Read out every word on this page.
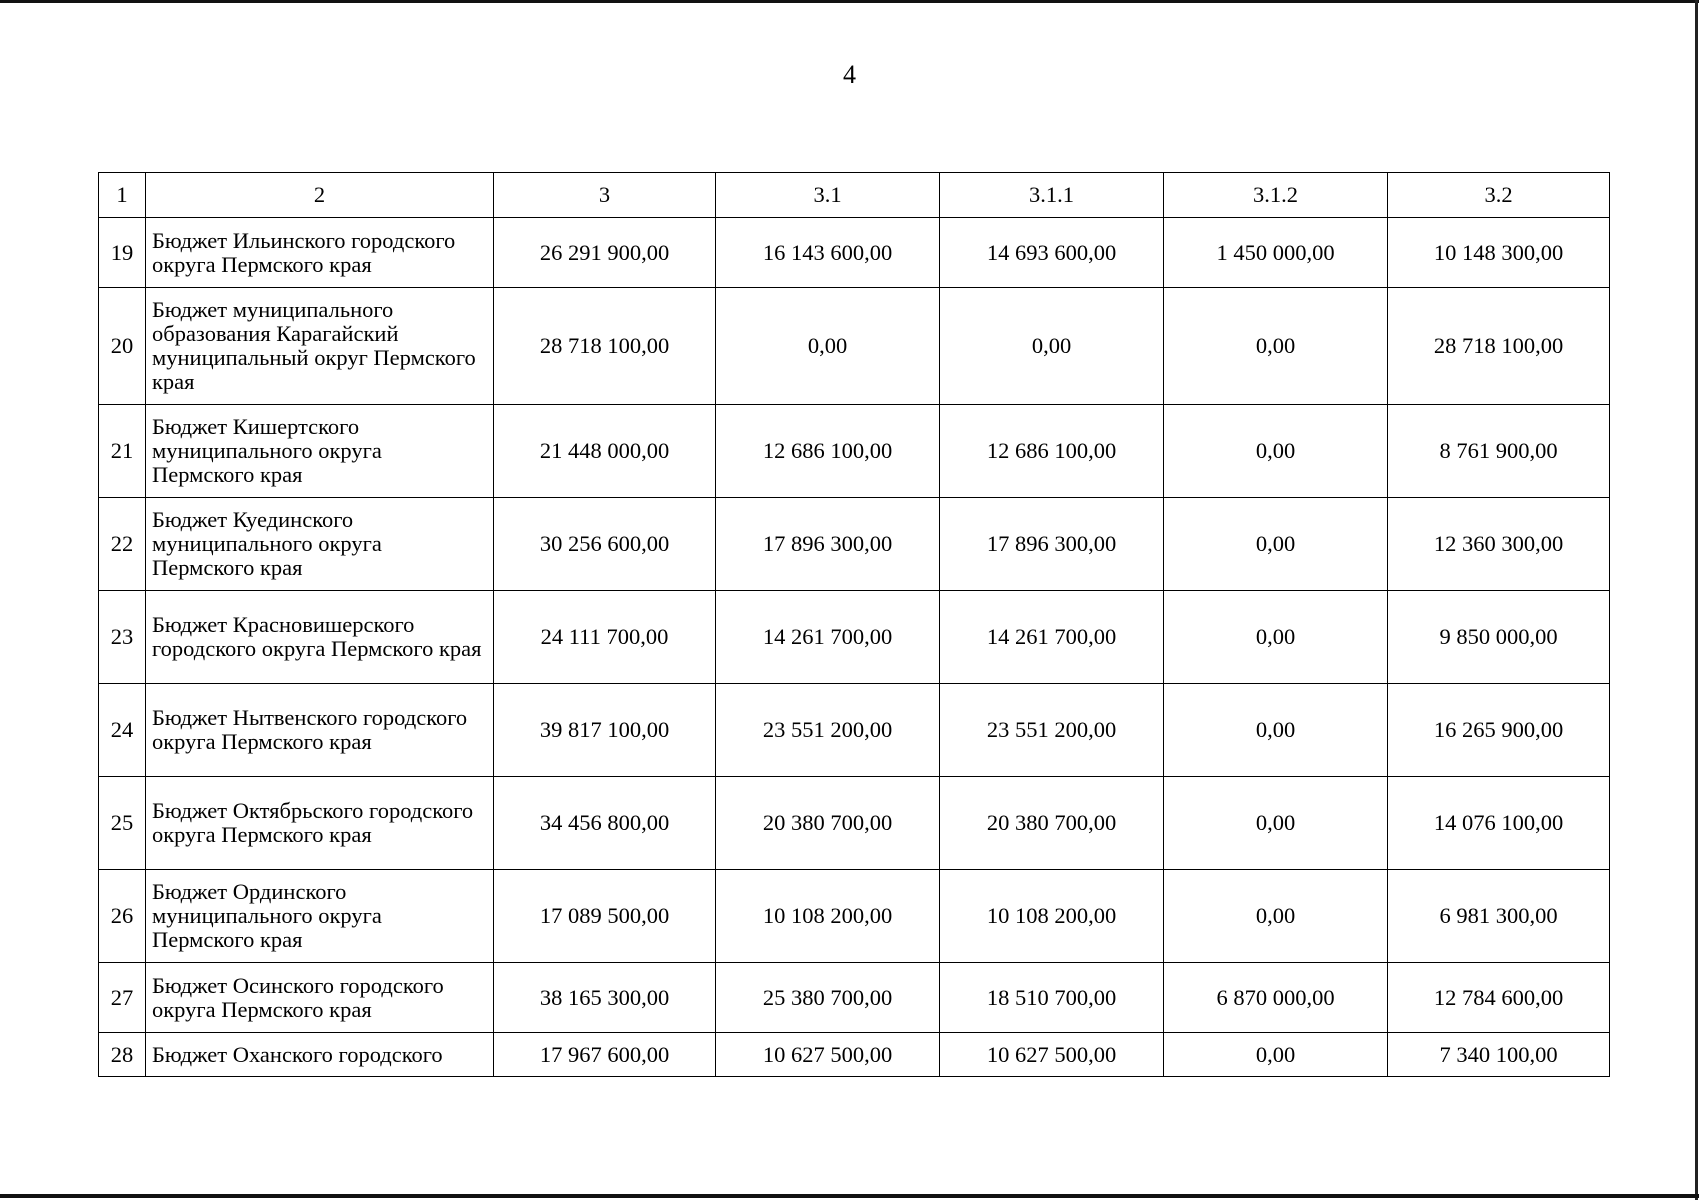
4
1	2	3	3.1	3.1.1	3.1.2	3.2
19	Бюджет Ильинского городского округа Пермского края	26 291 900,00	16 143 600,00	14 693 600,00	1 450 000,00	10 148 300,00
20	Бюджет муниципального образования Карагайский муниципальный округ Пермского края	28 718 100,00	0,00	0,00	0,00	28 718 100,00
21	Бюджет Кишертского муниципального округа Пермского края	21 448 000,00	12 686 100,00	12 686 100,00	0,00	8 761 900,00
22	Бюджет Куединского муниципального округа Пермского края	30 256 600,00	17 896 300,00	17 896 300,00	0,00	12 360 300,00
23	Бюджет Красновишерского городского округа Пермского края	24 111 700,00	14 261 700,00	14 261 700,00	0,00	9 850 000,00
24	Бюджет Нытвенского городского округа Пермского края	39 817 100,00	23 551 200,00	23 551 200,00	0,00	16 265 900,00
25	Бюджет Октябрьского городского округа Пермского края	34 456 800,00	20 380 700,00	20 380 700,00	0,00	14 076 100,00
26	Бюджет Ординского муниципального округа Пермского края	17 089 500,00	10 108 200,00	10 108 200,00	0,00	6 981 300,00
27	Бюджет Осинского городского округа Пермского края	38 165 300,00	25 380 700,00	18 510 700,00	6 870 000,00	12 784 600,00
28	Бюджет Оханского городского	17 967 600,00	10 627 500,00	10 627 500,00	0,00	7 340 100,00
